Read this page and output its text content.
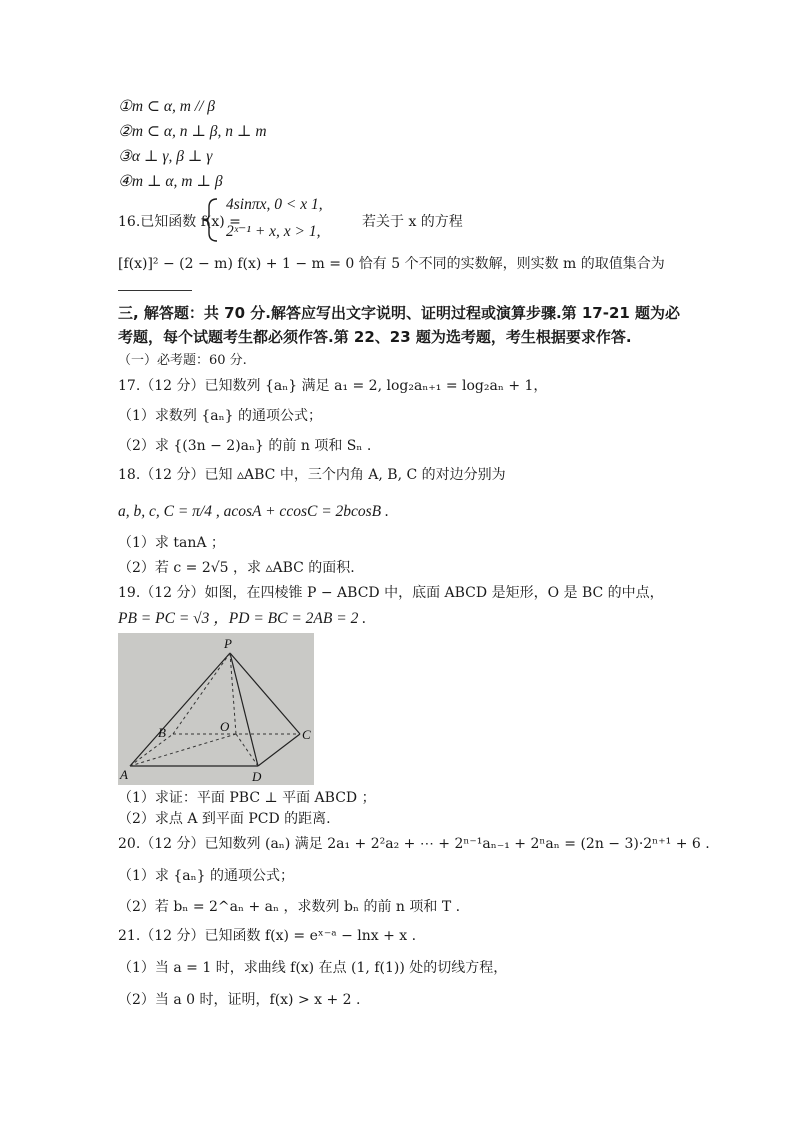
①m ⊂ α, m // β
②m ⊂ α, n ⊥ β, n ⊥ m
③α ⊥ γ, β ⊥ γ
④m ⊥ α, m ⊥ β
16.已知函数 f(x) =
4sinπx, 0 < x 1,
2ˣ⁻¹ + x, x > 1,
若关于 x 的方程
[f(x)]² − (2 − m) f(x) + 1 − m = 0 恰有 5 个不同的实数解，则实数 m 的取值集合为
三, 解答题：共 70 分.解答应写出文字说明、证明过程或演算步骤.第 17-21 题为必
考题，每个试题考生都必须作答.第 22、23 题为选考题，考生根据要求作答.
（一）必考题：60 分.
17.（12 分）已知数列 {aₙ} 满足 a₁ = 2, log₂aₙ₊₁ = log₂aₙ + 1，
（1）求数列 {aₙ} 的通项公式；
（2）求 {(3n − 2)aₙ} 的前 n 项和 Sₙ .
18.（12 分）已知 ▵ABC 中，三个内角 A, B, C 的对边分别为
a, b, c, C = π/4 , acosA + ccosC = 2bcosB .
（1）求 tanA ；
（2）若 c = 2√5 ，求 ▵ABC 的面积.
19.（12 分）如图，在四棱锥 P − ABCD 中，底面 ABCD 是矩形，O 是 BC 的中点，
PB = PC = √3 ，PD = BC = 2AB = 2 .
P
B	O
C
A	D
（1）求证：平面 PBC ⊥ 平面 ABCD ；
（2）求点 A 到平面 PCD 的距离.
20.（12 分）已知数列 (aₙ) 满足 2a₁ + 2²a₂ + ⋯ + 2ⁿ⁻¹aₙ₋₁ + 2ⁿaₙ = (2n − 3)·2ⁿ⁺¹ + 6 .
（1）求 {aₙ} 的通项公式；
（2）若 bₙ = 2^aₙ + aₙ ，求数列 bₙ 的前 n 项和 T .
21.（12 分）已知函数 f(x) = eˣ⁻ᵃ − lnx + x .
（1）当 a = 1 时，求曲线 f(x) 在点 (1, f(1)) 处的切线方程，
（2）当 a 0 时，证明，f(x) > x + 2 .
